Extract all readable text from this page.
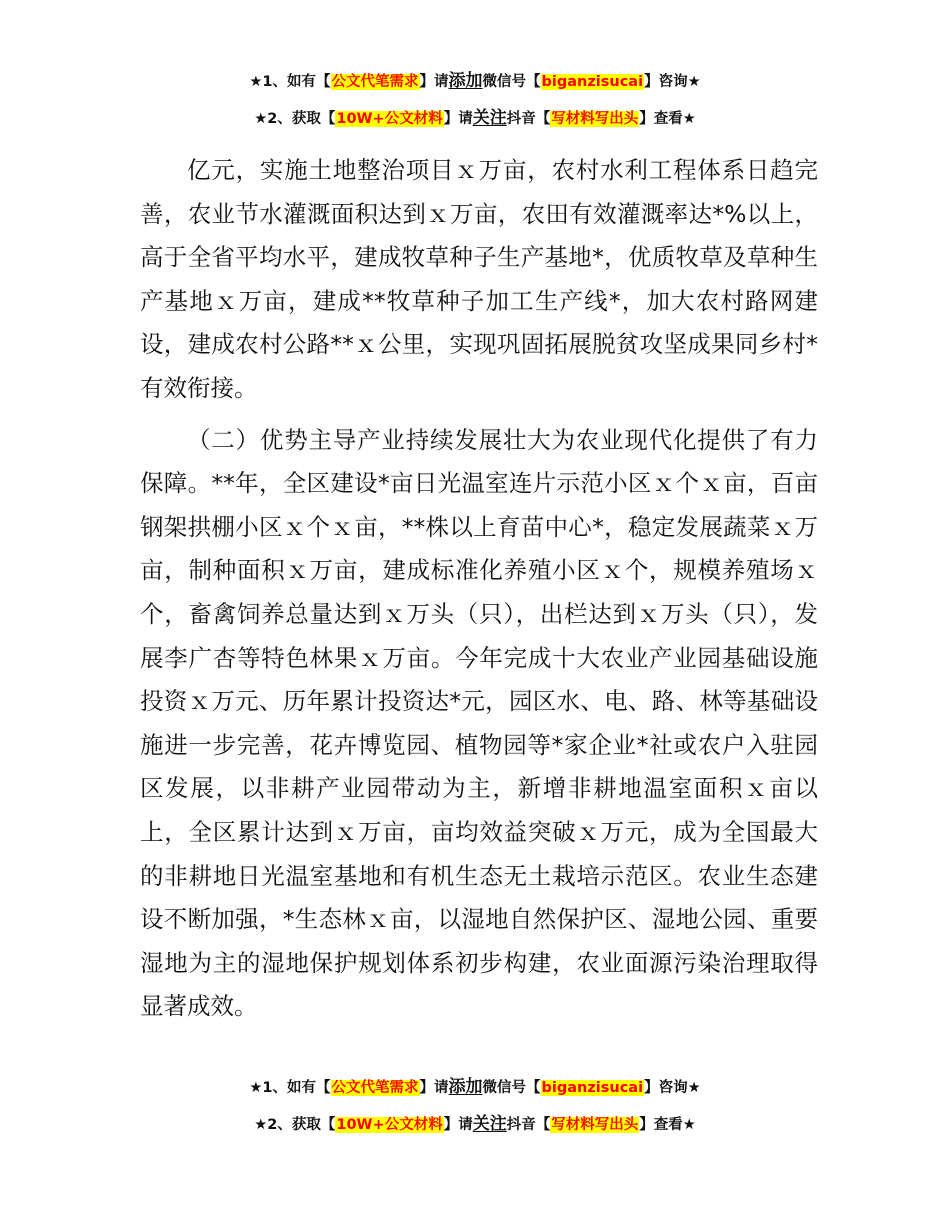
★1、如有【公文代笔需求】请添加微信号【biganzisucai】咨询★
★2、获取【10W+公文材料】请关注抖音【写材料写出头】查看★

亿元，实施土地整治项目ｘ万亩，农村水利工程体系日趋完善，农业节水灌溉面积达到ｘ万亩，农田有效灌溉率达*%以上，高于全省平均水平，建成牧草种子生产基地*，优质牧草及草种生产基地ｘ万亩，建成**牧草种子加工生产线*，加大农村路网建设，建成农村公路**ｘ公里，实现巩固拓展脱贫攻坚成果同乡村*有效衔接。

（二）优势主导产业持续发展壮大为农业现代化提供了有力保障。**年，全区建设*亩日光温室连片示范小区ｘ个ｘ亩，百亩钢架拱棚小区ｘ个ｘ亩，**株以上育苗中心*，稳定发展蔬菜ｘ万亩，制种面积ｘ万亩，建成标准化养殖小区ｘ个，规模养殖场ｘ个，畜禽饲养总量达到ｘ万头（只），出栏达到ｘ万头（只），发展李广杏等特色林果ｘ万亩。今年完成十大农业产业园基础设施投资ｘ万元、历年累计投资达*元，园区水、电、路、林等基础设施进一步完善，花卉博览园、植物园等*家企业*社或农户入驻园区发展，以非耕产业园带动为主，新增非耕地温室面积ｘ亩以上，全区累计达到ｘ万亩，亩均效益突破ｘ万元，成为全国最大的非耕地日光温室基地和有机生态无土栽培示范区。农业生态建设不断加强，*生态林ｘ亩，以湿地自然保护区、湿地公园、重要湿地为主的湿地保护规划体系初步构建，农业面源污染治理取得显著成效。

★1、如有【公文代笔需求】请添加微信号【biganzisucai】咨询★
★2、获取【10W+公文材料】请关注抖音【写材料写出头】查看★
